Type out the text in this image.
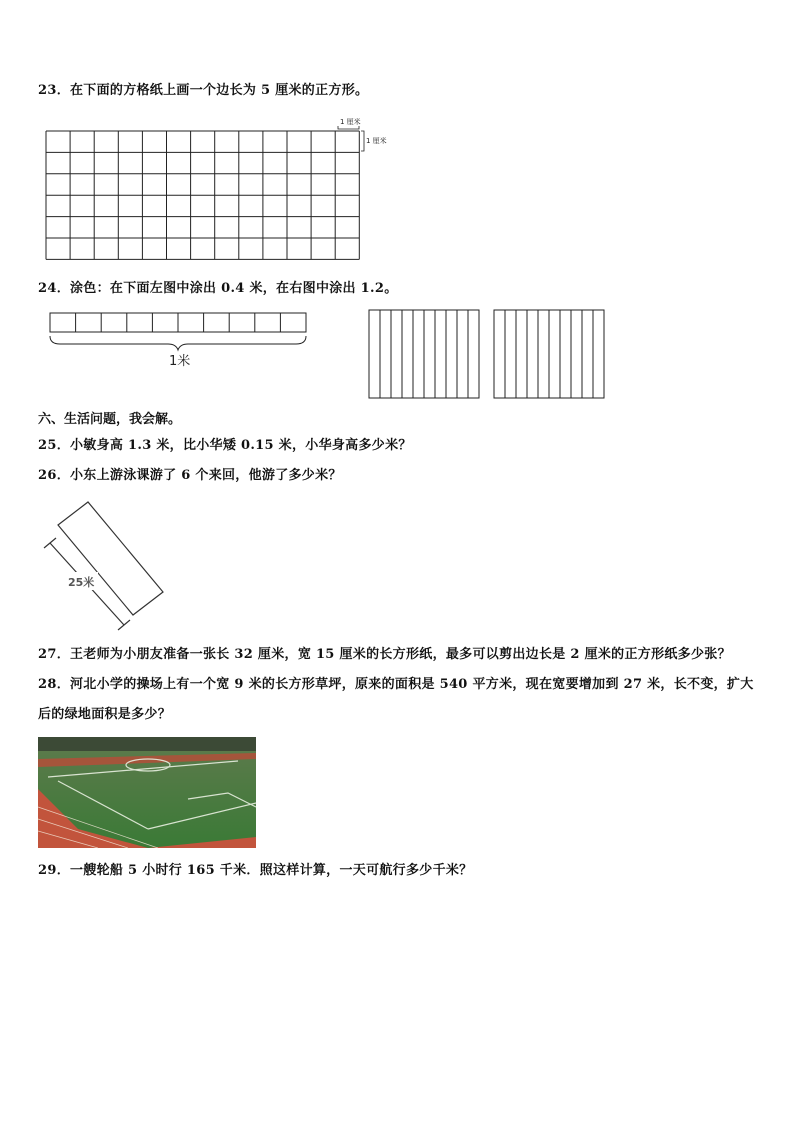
23．在下面的方格纸上画一个边长为 5 厘米的正方形。
1 厘米
1 厘米
24．涂色：在下面左图中涂出 0.4 米，在右图中涂出 1.2。
1米
六、生活问题，我会解。
25．小敏身高 1.3 米，比小华矮 0.15 米，小华身高多少米？
26．小东上游泳课游了 6 个来回，他游了多少米？
25米
27．王老师为小朋友准备一张长 32 厘米，宽 15 厘米的长方形纸，最多可以剪出边长是 2 厘米的正方形纸多少张？
28．河北小学的操场上有一个宽 9 米的长方形草坪，原来的面积是 540 平方米，现在宽要增加到 27 米，长不变，扩大
后的绿地面积是多少？
29．一艘轮船 5 小时行 165 千米．照这样计算，一天可航行多少千米？
